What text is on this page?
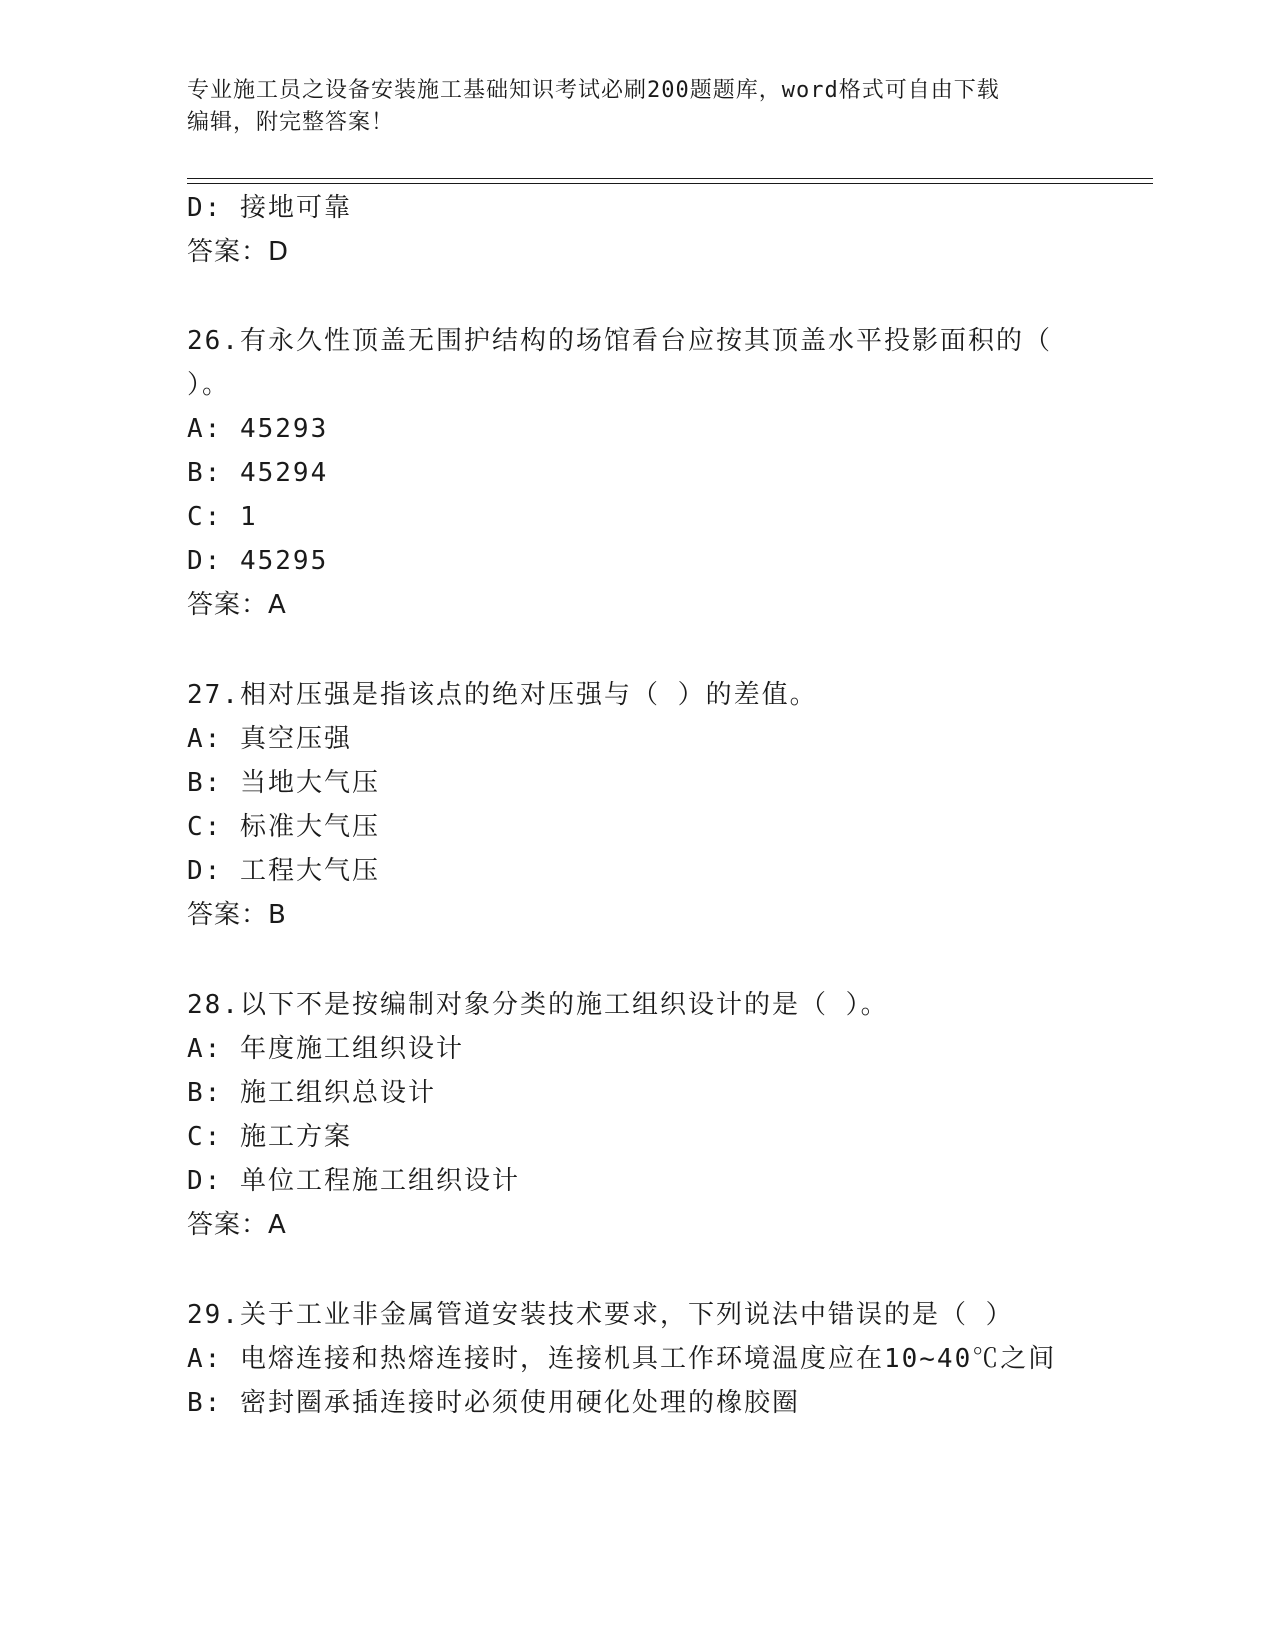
专业施工员之设备安装施工基础知识考试必刷200题题库，word格式可自由下载
编辑，附完整答案！
D: 接地可靠
答案：D
26.有永久性顶盖无围护结构的场馆看台应按其顶盖水平投影面积的（
）。
A: 45293
B: 45294
C: 1
D: 45295
答案：A
27.相对压强是指该点的绝对压强与（ ）的差值。
A: 真空压强
B: 当地大气压
C: 标准大气压
D: 工程大气压
答案：B
28.以下不是按编制对象分类的施工组织设计的是（ ）。
A: 年度施工组织设计
B: 施工组织总设计
C: 施工方案
D: 单位工程施工组织设计
答案：A
29.关于工业非金属管道安装技术要求，下列说法中错误的是（ ）
A: 电熔连接和热熔连接时，连接机具工作环境温度应在10~40℃之间
B: 密封圈承插连接时必须使用硬化处理的橡胶圈
